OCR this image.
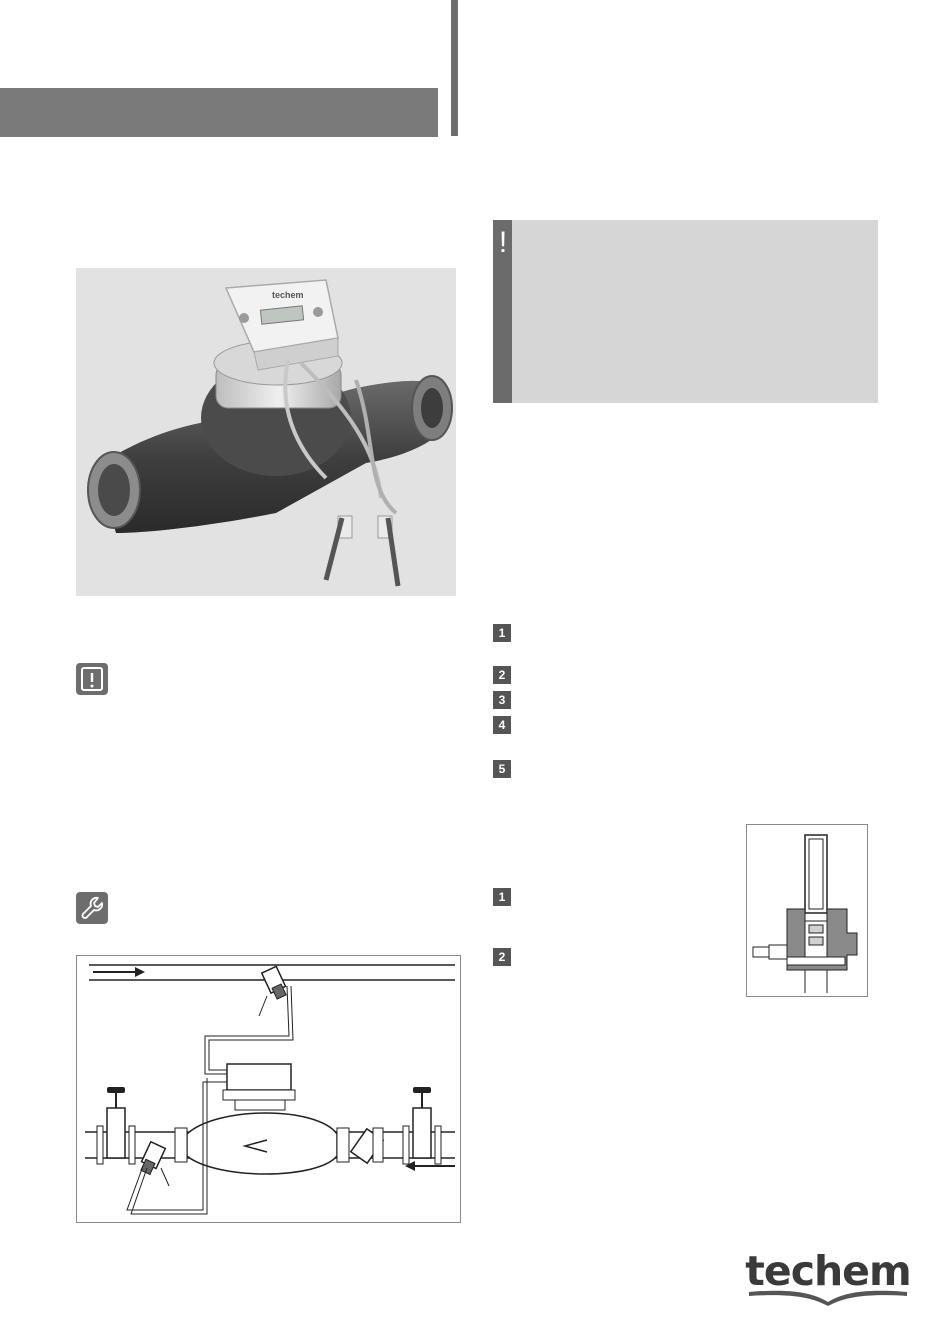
techem
!
1
2
3
4
5
1
2
techem
